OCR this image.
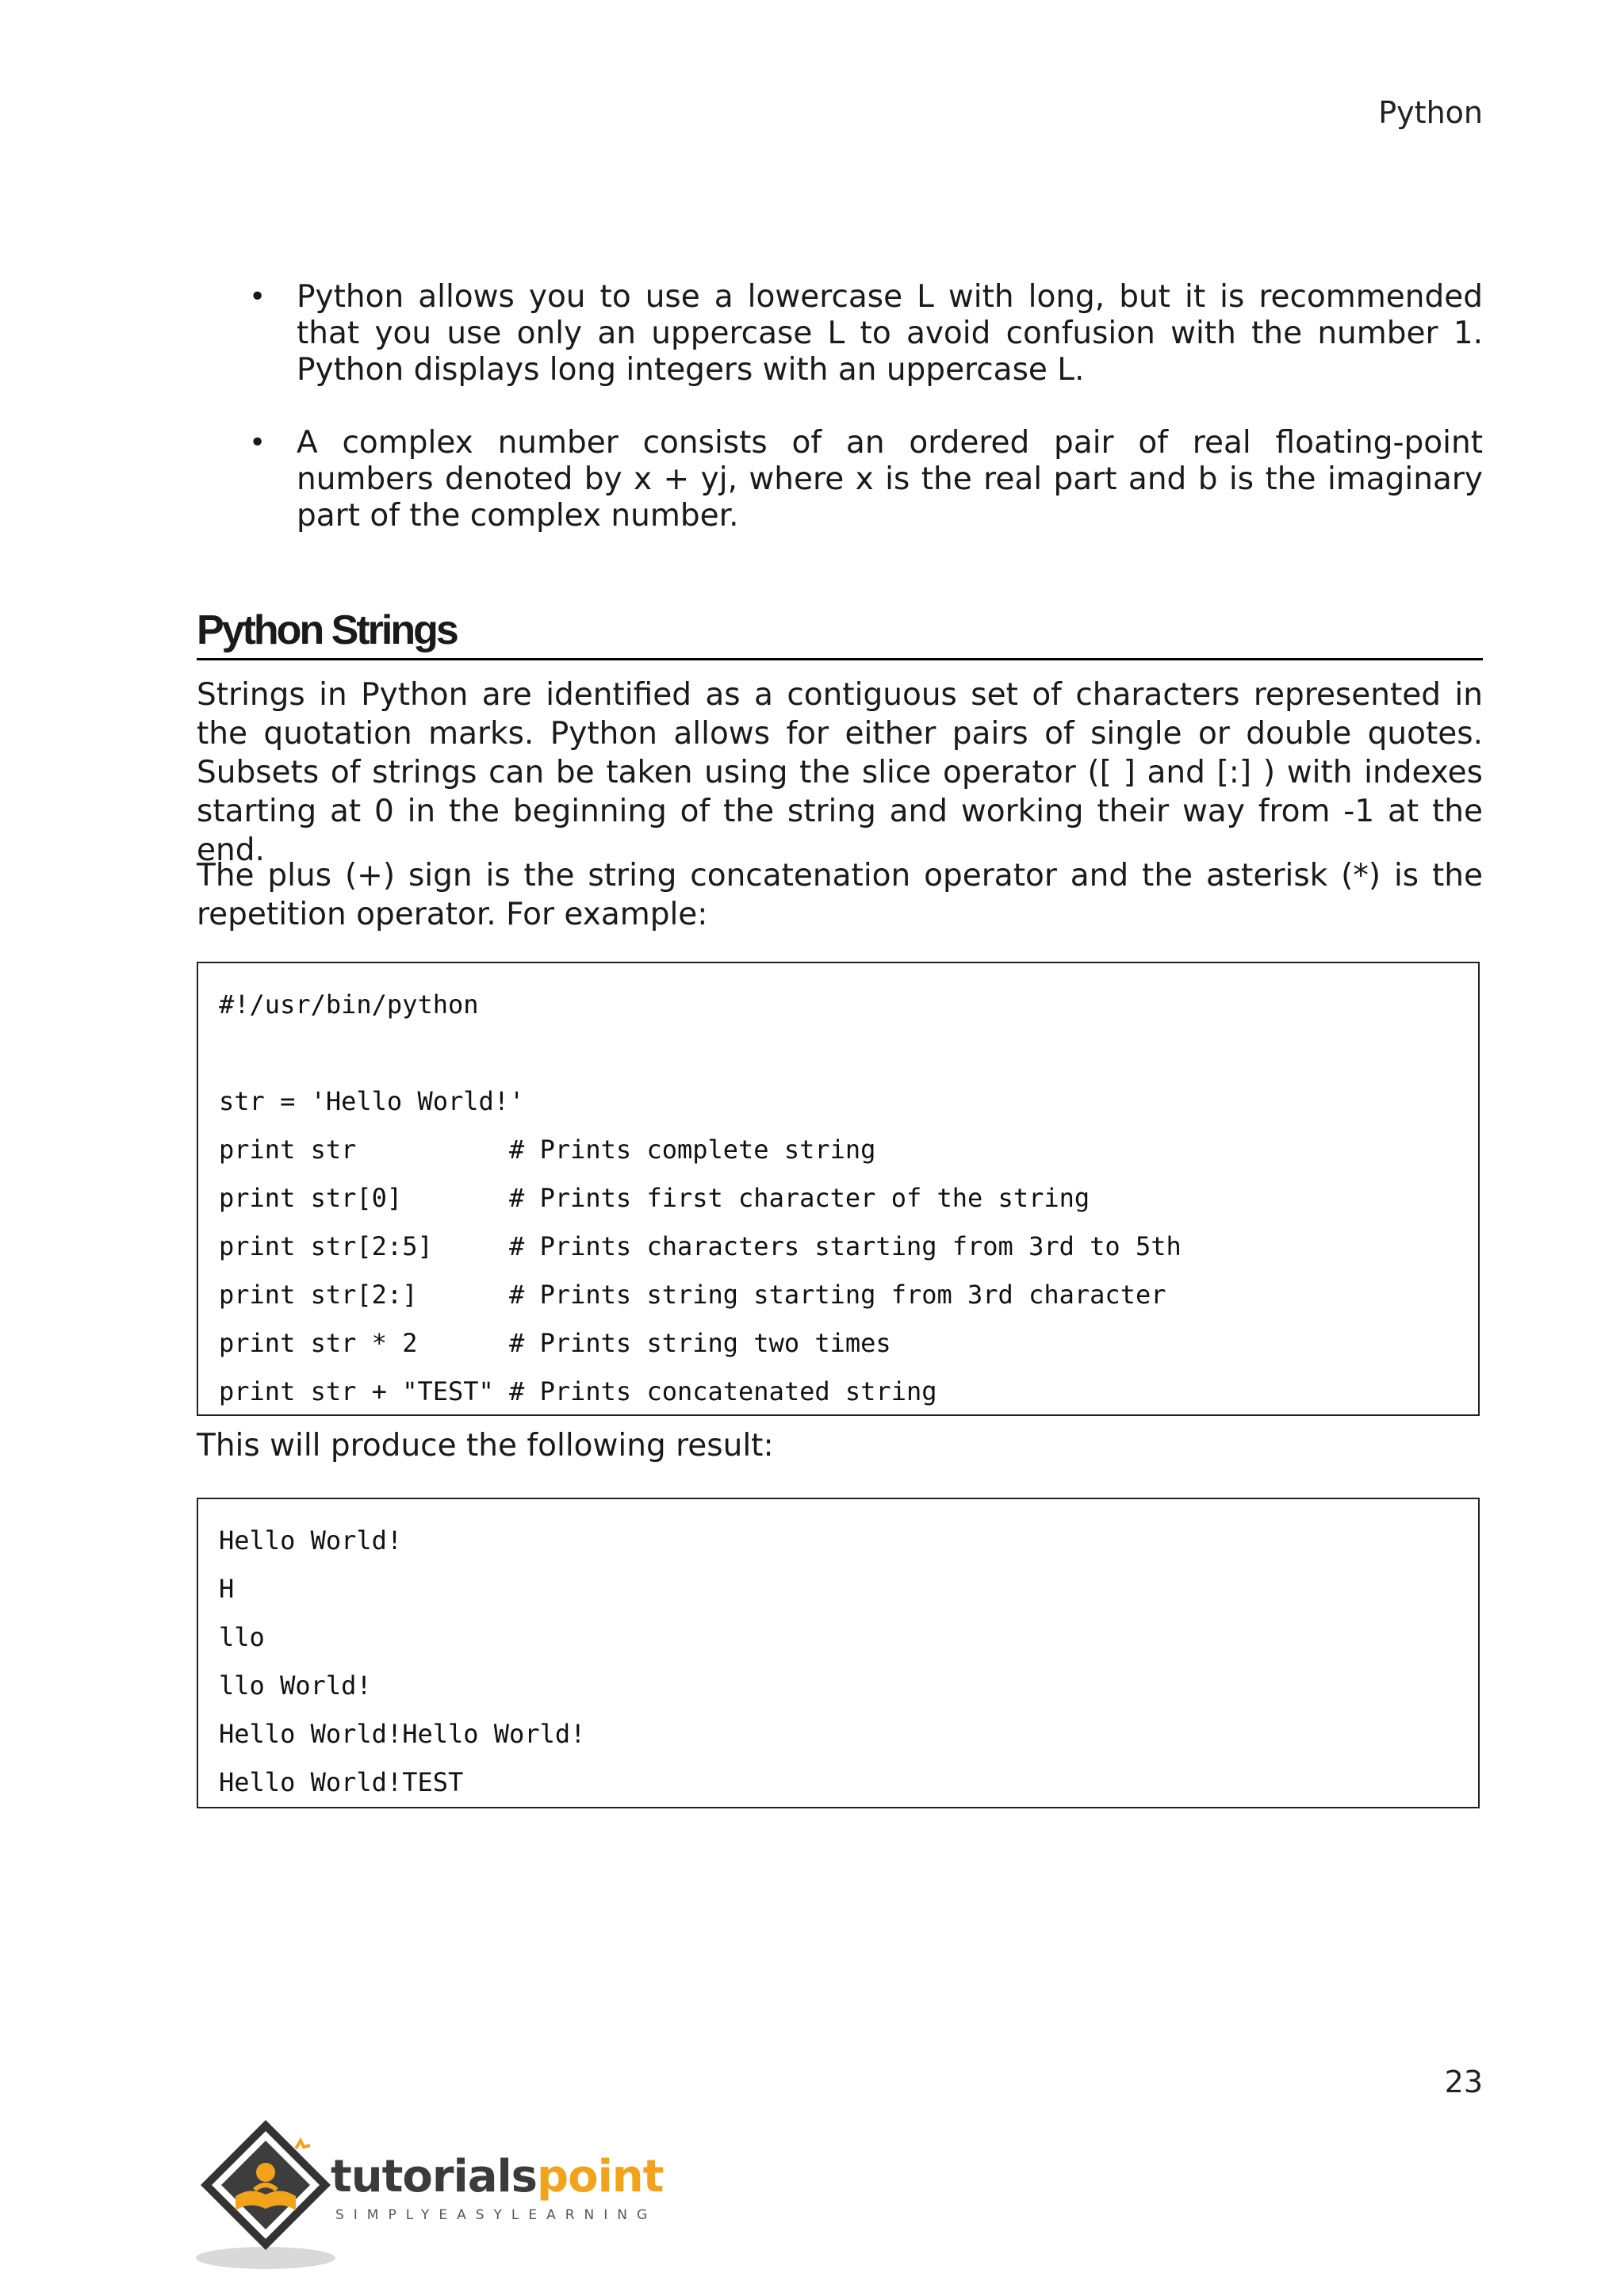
Python
• Python allows you to use a lowercase L with long, but it is recommended that you use only an uppercase L to avoid confusion with the number 1. Python displays long integers with an uppercase L.
• A complex number consists of an ordered pair of real floating-point numbers denoted by x + yj, where x is the real part and b is the imaginary part of the complex number.
Python Strings

Strings in Python are identified as a contiguous set of characters represented in the quotation marks. Python allows for either pairs of single or double quotes. Subsets of strings can be taken using the slice operator ([ ] and [:] ) with indexes starting at 0 in the beginning of the string and working their way from -1 at the end.

The plus (+) sign is the string concatenation operator and the asterisk (*) is the repetition operator. For example:

#!/usr/bin/python
str = 'Hello World!'
print str          # Prints complete string
print str[0]       # Prints first character of the string
print str[2:5]     # Prints characters starting from 3rd to 5th
print str[2:]      # Prints string starting from 3rd character
print str * 2      # Prints string two times
print str + "TEST" # Prints concatenated string

This will produce the following result:

Hello World!
H
llo
llo World!
Hello World!Hello World!
Hello World!TEST
23
tutorialspoint
SIMPLYEASYLEARNING
